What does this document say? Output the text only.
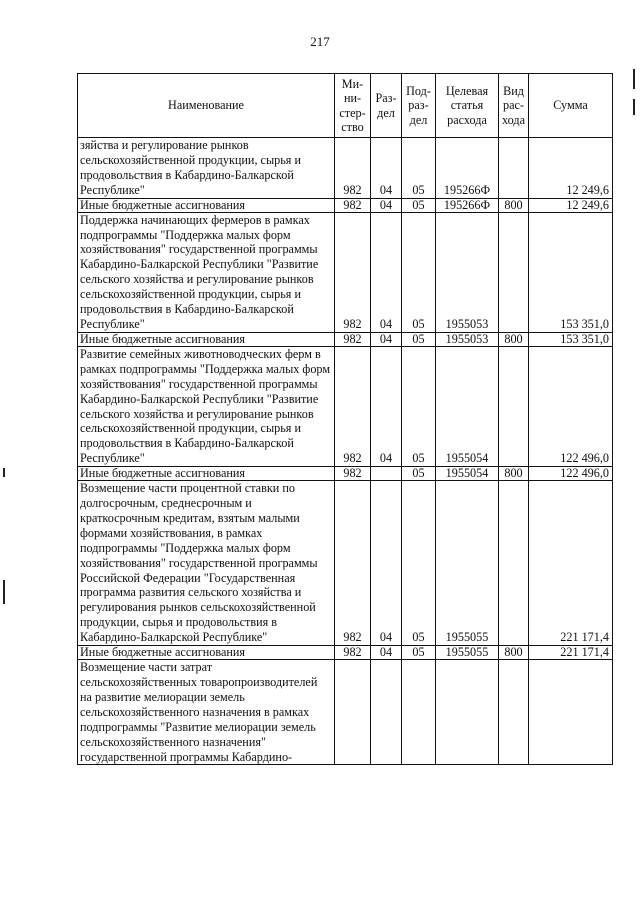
217
Наименование	Ми-ни-стер-ство	Раз-дел	Под-раз-дел	Целевая статья расхода	Вид рас-хода	Сумма
зяйства и регулирование рынков сельскохозяйственной продукции, сырья и продовольствия в Кабардино-Балкарской Республике"	982	04	05	195266Ф		12 249,6
Иные бюджетные ассигнования	982	04	05	195266Ф	800	12 249,6
Поддержка начинающих фермеров в рамках подпрограммы "Поддержка малых форм хозяйствования" государственной программы Кабардино-Балкарской Республики "Развитие сельского хозяйства и регулирование рынков сельскохозяйственной продукции, сырья и продовольствия в Кабардино-Балкарской Республике"	982	04	05	1955053		153 351,0
Иные бюджетные ассигнования	982	04	05	1955053	800	153 351,0
Развитие семейных животноводческих ферм в рамках подпрограммы "Поддержка малых форм хозяйствования" государственной программы Кабардино-Балкарской Республики "Развитие сельского хозяйства и регулирование рынков сельскохозяйственной продукции, сырья и продовольствия в Кабардино-Балкарской Республике"	982	04	05	1955054		122 496,0
Иные бюджетные ассигнования	982		05	1955054	800	122 496,0
Возмещение части процентной ставки по долгосрочным, среднесрочным и краткосрочным кредитам, взятым малыми формами хозяйствования, в рамках подпрограммы "Поддержка малых форм хозяйствования" государственной программы Российской Федерации "Государственная программа развития сельского хозяйства и регулирования рынков сельскохозяйственной продукции, сырья и продовольствия в Кабардино-Балкарской Республике"	982	04	05	1955055		221 171,4
Иные бюджетные ассигнования	982	04	05	1955055	800	221 171,4
Возмещение части затрат сельскохозяйственных товаропроизводителей на развитие мелиорации земель сельскохозяйственного назначения в рамках подпрограммы "Развитие мелиорации земель сельскохозяйственного назначения" государственной программы Кабардино-						
